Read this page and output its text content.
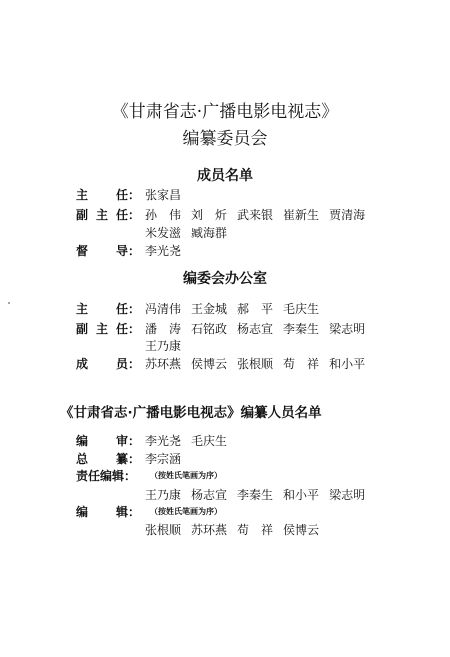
《甘肃省志·广播电影电视志》
编纂委员会
成员名单
主 任： 张家昌
副 主 任： 孙　伟 刘　炘 武来银 崔新生 贾清海
米发滋 臧海群
督 导： 李光尧
编委会办公室
主 任： 冯清伟 王金城 郝　平 毛庆生
副 主 任： 潘　涛 石铭政 杨志宣 李秦生 梁志明
王乃康
成 员： 苏环燕 侯博云 张根顺 苟　祥 和小平
《甘肃省志·广播电影电视志》编纂人员名单
编 审： 李光尧 毛庆生
总 纂： 李宗涵
责任编辑： （按姓氏笔画为序）
王乃康 杨志宣 李秦生 和小平 梁志明
编 辑： （按姓氏笔画为序）
张根顺 苏环燕 苟　祥 侯博云
